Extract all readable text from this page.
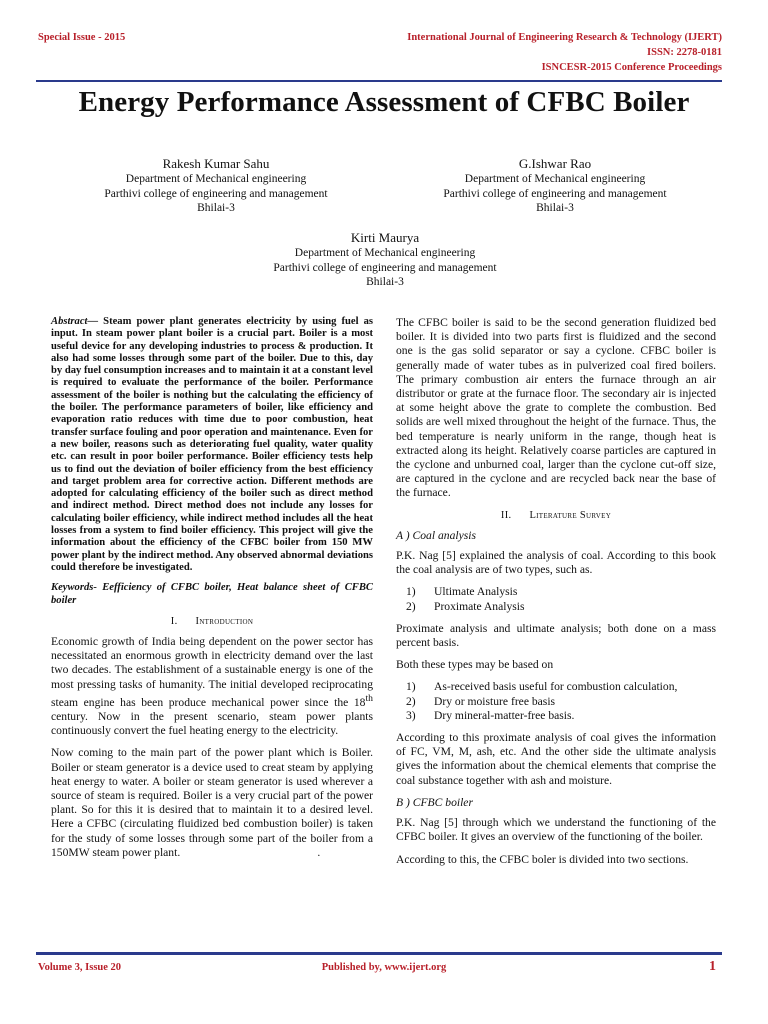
Special Issue - 2015	International Journal of Engineering Research & Technology (IJERT)
ISSN: 2278-0181
ISNCESR-2015 Conference Proceedings
Energy Performance Assessment of CFBC Boiler
Rakesh Kumar Sahu
Department of Mechanical engineering
Parthivi college of engineering and management
Bhilai-3
G.Ishwar Rao
Department of Mechanical engineering
Parthivi college of engineering and management
Bhilai-3
Kirti Maurya
Department of Mechanical engineering
Parthivi college of engineering and management
Bhilai-3

Abstract— Steam power plant generates electricity by using fuel as input. In steam power plant boiler is a crucial part. Boiler is a most useful device for any developing industries to process & production. It also had some losses through some part of the boiler. Due to this, day by day fuel consumption increases and to maintain it at a constant level is required to evaluate the performance of the boiler. Performance assessment of the boiler is nothing but the calculating the efficiency of the boiler. The performance parameters of boiler, like efficiency and evaporation ratio reduces with time due to poor combustion, heat transfer surface fouling and poor operation and maintenance. Even for a new boiler, reasons such as deteriorating fuel quality, water quality etc. can result in poor boiler performance. Boiler efficiency tests help us to find out the deviation of boiler efficiency from the best efficiency and target problem area for corrective action. Different methods are adopted for calculating efficiency of the boiler such as direct method and indirect method. Direct method does not include any losses for calculating boiler efficiency, while indirect method includes all the heat losses from a system to find boiler efficiency. This project will give the information about the efficiency of the CFBC boiler from 150 MW power plant by the indirect method. Any observed abnormal deviations could therefore be investigated.

Keywords- Eefficiency of CFBC boiler, Heat balance sheet of CFBC boiler

I. Introduction

Economic growth of India being dependent on the power sector has necessitated an enormous growth in electricity demand over the last two decades. The establishment of a sustainable energy is one of the most pressing tasks of humanity. The initial developed reciprocating steam engine has been produce mechanical power since the 18th century. Now in the present scenario, steam power plants continuously convert the fuel heating energy to the electricity.

Now coming to the main part of the power plant which is Boiler. Boiler or steam generator is a device used to creat steam by applying heat energy to water. A boiler or steam generator is used wherever a source of steam is required. Boiler is a very crucial part of the power plant. So for this it is desired that to maintain it to a desired level. Here a CFBC (circulating fluidized bed combustion boiler) is taken for the study of some losses through some part of the boiler from a 150MW steam power plant.	.

The CFBC boiler is said to be the second generation fluidized bed boiler. It is divided into two parts first is fluidized and the second one is the gas solid separator or say a cyclone. CFBC boiler is generally made of water tubes as in pulverized coal fired boilers. The primary combustion air enters the furnace through an air distributor or grate at the furnace floor. The secondary air is injected at some height above the grate to complete the combustion. Bed solids are well mixed throughout the height of the furnace. Thus, the bed temperature is nearly uniform in the range, though heat is extracted along its height. Relatively coarse particles are captured in the cyclone and unburned coal, larger than the cyclone cut-off size, are captured in the cyclone and are recycled back near the base of the furnace.

II. Literature Survey
A ) Coal analysis

P.K. Nag [5] explained the analysis of coal. According to this book the coal analysis are of two types, such as.

1) Ultimate Analysis
2) Proximate Analysis

Proximate analysis and ultimate analysis; both done on a mass percent basis.

Both these types may be based on

1) As-received basis useful for combustion calculation,
2) Dry or moisture free basis
3) Dry mineral-matter-free basis.

According to this proximate analysis of coal gives the information of FC, VM, M, ash, etc. And the other side the ultimate analysis gives the information about the chemical elements that comprise the coal substance together with ash and moisture.

B ) CFBC boiler

P.K. Nag [5] through which we understand the functioning of the CFBC boiler. It gives an overview of the functioning of the boiler.

According to this, the CFBC boler is divided into two sections.

Volume 3, Issue 20	Published by, www.ijert.org	1
